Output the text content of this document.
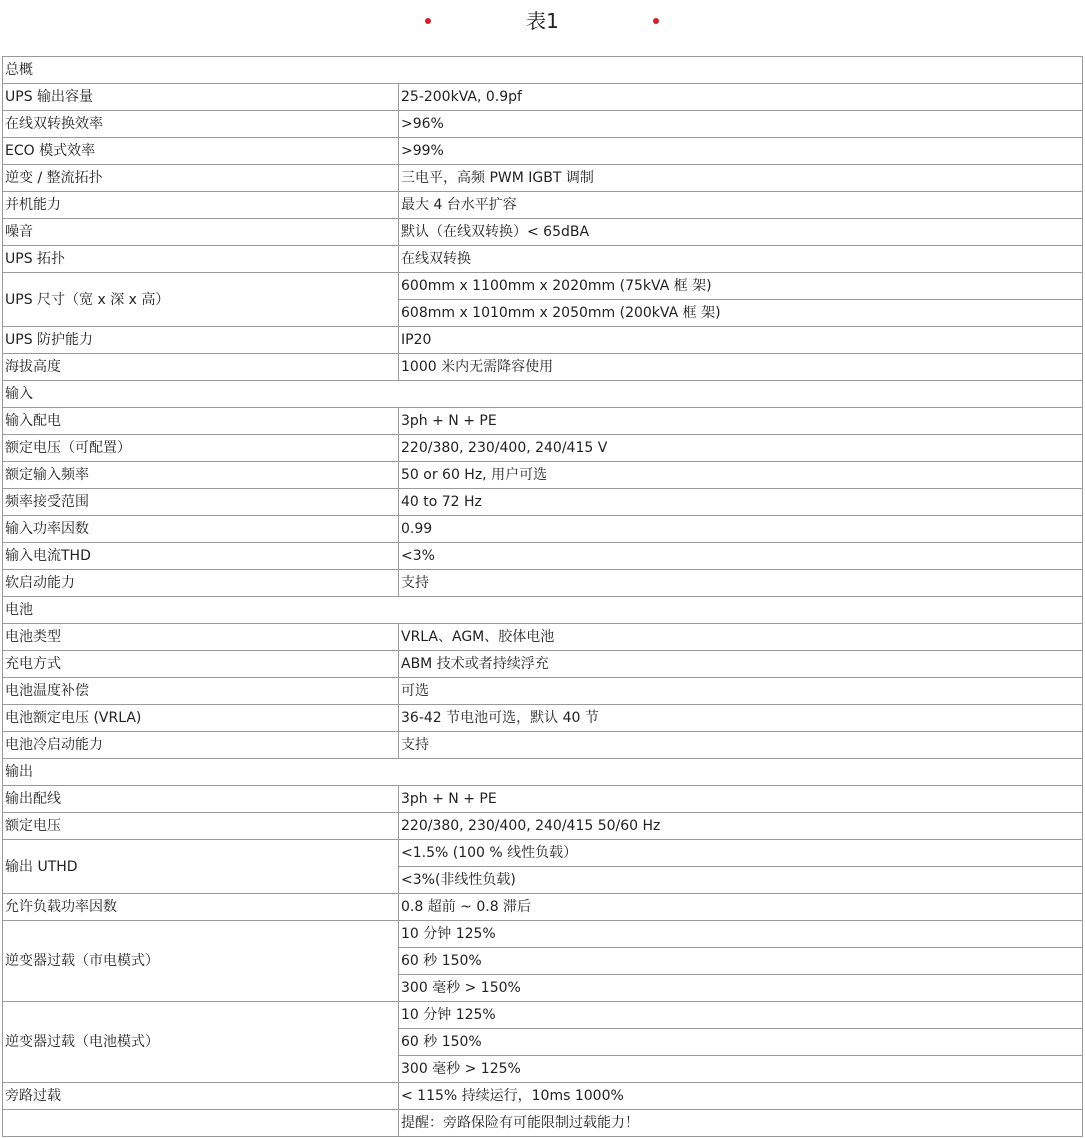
表1
总概	
UPS 输出容量	25-200kVA, 0.9pf
在线双转换效率	>96%
ECO 模式效率	>99%
逆变 / 整流拓扑	三电平，高频 PWM IGBT 调制
并机能力	最大 4 台水平扩容
噪音	默认（在线双转换）< 65dBA
UPS 拓扑	在线双转换
UPS 尺寸（宽 x 深 x 高）	600mm x 1100mm x 2020mm (75kVA 框 架)
	608mm x 1010mm x 2050mm (200kVA 框 架)
UPS 防护能力	IP20
海拔高度	1000 米内无需降容使用
输入	
输入配电	3ph + N + PE
额定电压（可配置）	220/380, 230/400, 240/415 V
额定输入频率	50 or 60 Hz, 用户可选
频率接受范围	40 to 72 Hz
输入功率因数	0.99
输入电流THD	<3%
软启动能力	支持
电池	
电池类型	VRLA、AGM、胶体电池
充电方式	ABM 技术或者持续浮充
电池温度补偿	可选
电池额定电压 (VRLA)	36-42 节电池可选，默认 40 节
电池冷启动能力	支持
输出	
输出配线	3ph + N + PE
额定电压	220/380, 230/400, 240/415 50/60 Hz
输出 UTHD	<1.5% (100 % 线性负载）
	<3%(非线性负载)
允许负载功率因数	0.8 超前 ~ 0.8 滞后
逆变器过载（市电模式）	10 分钟 125%
	60 秒 150%
	300 毫秒 > 150%
逆变器过载（电池模式）	10 分钟 125%
	60 秒 150%
	300 毫秒 > 125%
旁路过载	< 115% 持续运行，10ms 1000%
	提醒：旁路保险有可能限制过载能力！
